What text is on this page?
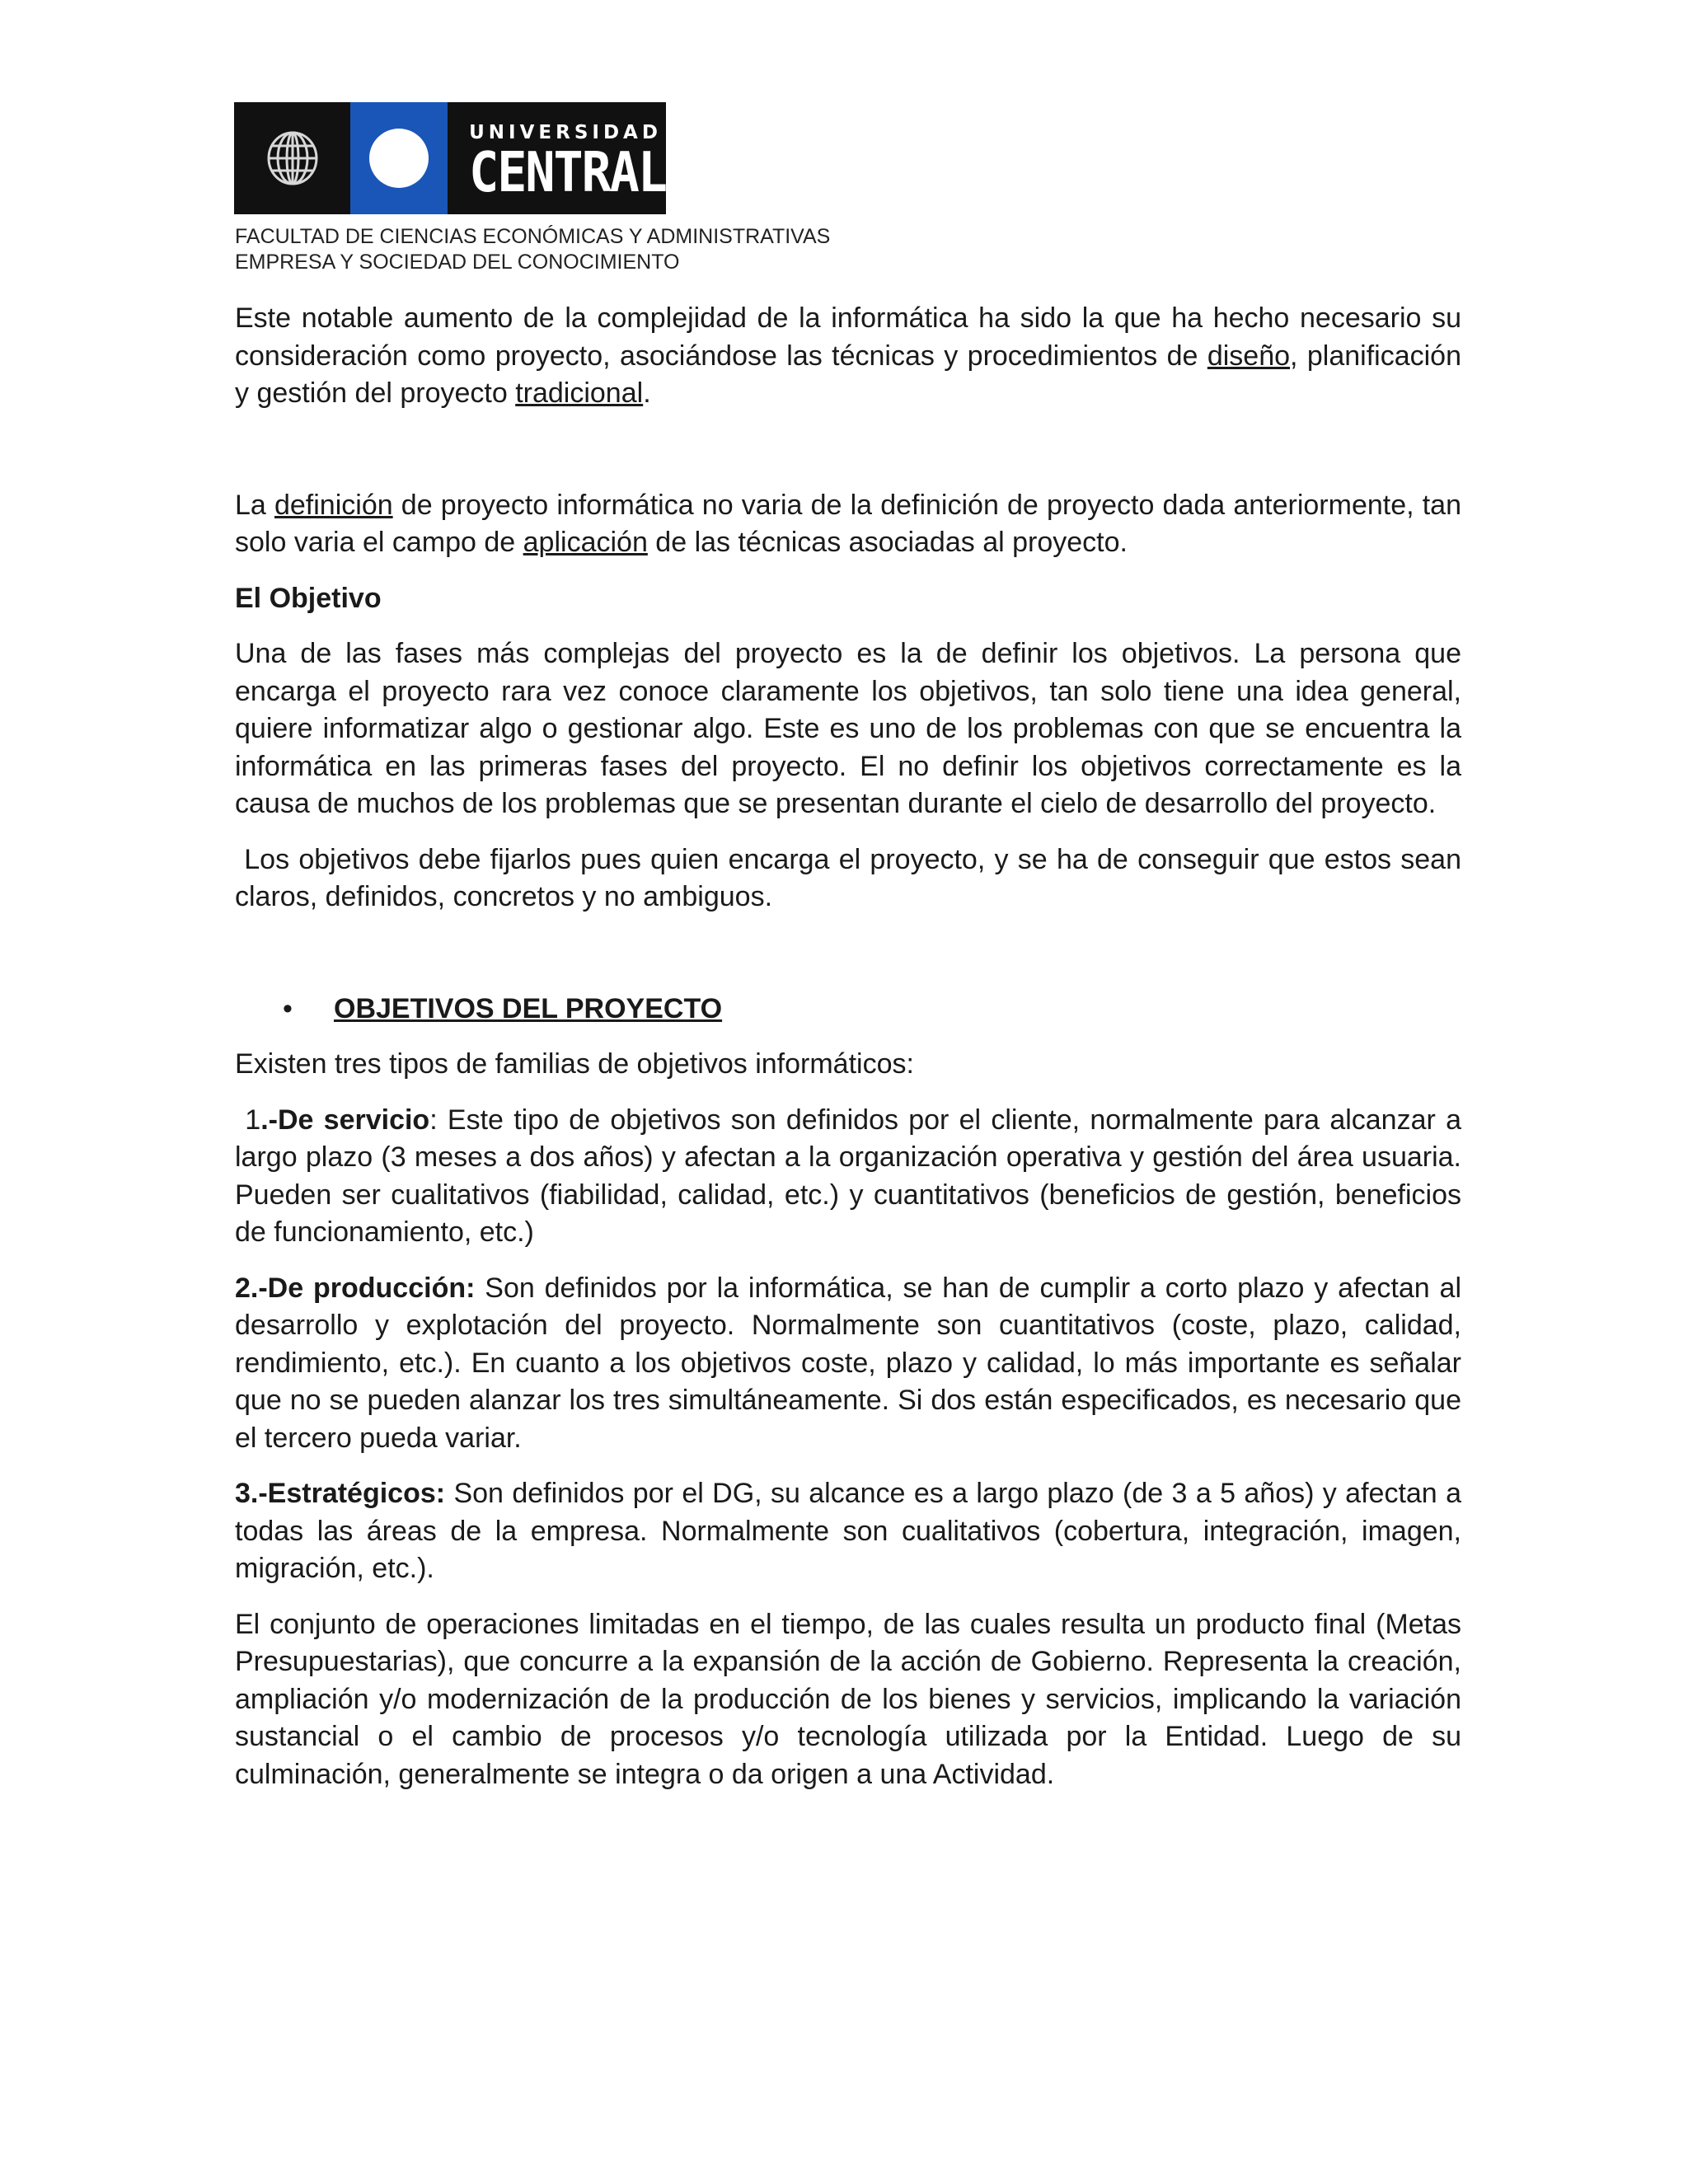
UNIVERSIDAD
CENTRAL
FACULTAD DE CIENCIAS ECONÓMICAS Y ADMINISTRATIVAS
EMPRESA Y SOCIEDAD DEL CONOCIMIENTO

Este notable aumento de la complejidad de la informática ha sido la que ha hecho necesario su consideración como proyecto, asociándose las técnicas y procedimientos de diseño, planificación y gestión del proyecto tradicional.

La definición de proyecto informática no varia de la definición de proyecto dada anteriormente, tan solo varia el campo de aplicación de las técnicas asociadas al proyecto.

El Objetivo

Una de las fases más complejas del proyecto es la de definir los objetivos. La persona que encarga el proyecto rara vez conoce claramente los objetivos, tan solo tiene una idea general, quiere informatizar algo o gestionar algo. Este es uno de los problemas con que se encuentra la informática en las primeras fases del proyecto. El no definir los objetivos correctamente es la causa de muchos de los problemas que se presentan durante el cielo de desarrollo del proyecto.

Los objetivos debe fijarlos pues quien encarga el proyecto, y se ha de conseguir que estos sean claros, definidos, concretos y no ambiguos.

•	OBJETIVOS DEL PROYECTO

Existen tres tipos de familias de objetivos informáticos:

1.-De servicio: Este tipo de objetivos son definidos por el cliente, normalmente para alcanzar a largo plazo (3 meses a dos años) y afectan a la organización operativa y gestión del área usuaria. Pueden ser cualitativos (fiabilidad, calidad, etc.) y cuantitativos (beneficios de gestión, beneficios de funcionamiento, etc.)

2.-De producción: Son definidos por la informática, se han de cumplir a corto plazo y afectan al desarrollo y explotación del proyecto. Normalmente son cuantitativos (coste, plazo, calidad, rendimiento, etc.). En cuanto a los objetivos coste, plazo y calidad, lo más importante es señalar que no se pueden alanzar los tres simultáneamente. Si dos están especificados, es necesario que el tercero pueda variar.

3.-Estratégicos: Son definidos por el DG, su alcance es a largo plazo (de 3 a 5 años) y afectan a todas las áreas de la empresa. Normalmente son cualitativos (cobertura, integración, imagen, migración, etc.).

El conjunto de operaciones limitadas en el tiempo, de las cuales resulta un producto final (Metas Presupuestarias), que concurre a la expansión de la acción de Gobierno. Representa la creación, ampliación y/o modernización de la producción de los bienes y servicios, implicando la variación sustancial o el cambio de procesos y/o tecnología utilizada por la Entidad. Luego de su culminación, generalmente se integra o da origen a una Actividad.
